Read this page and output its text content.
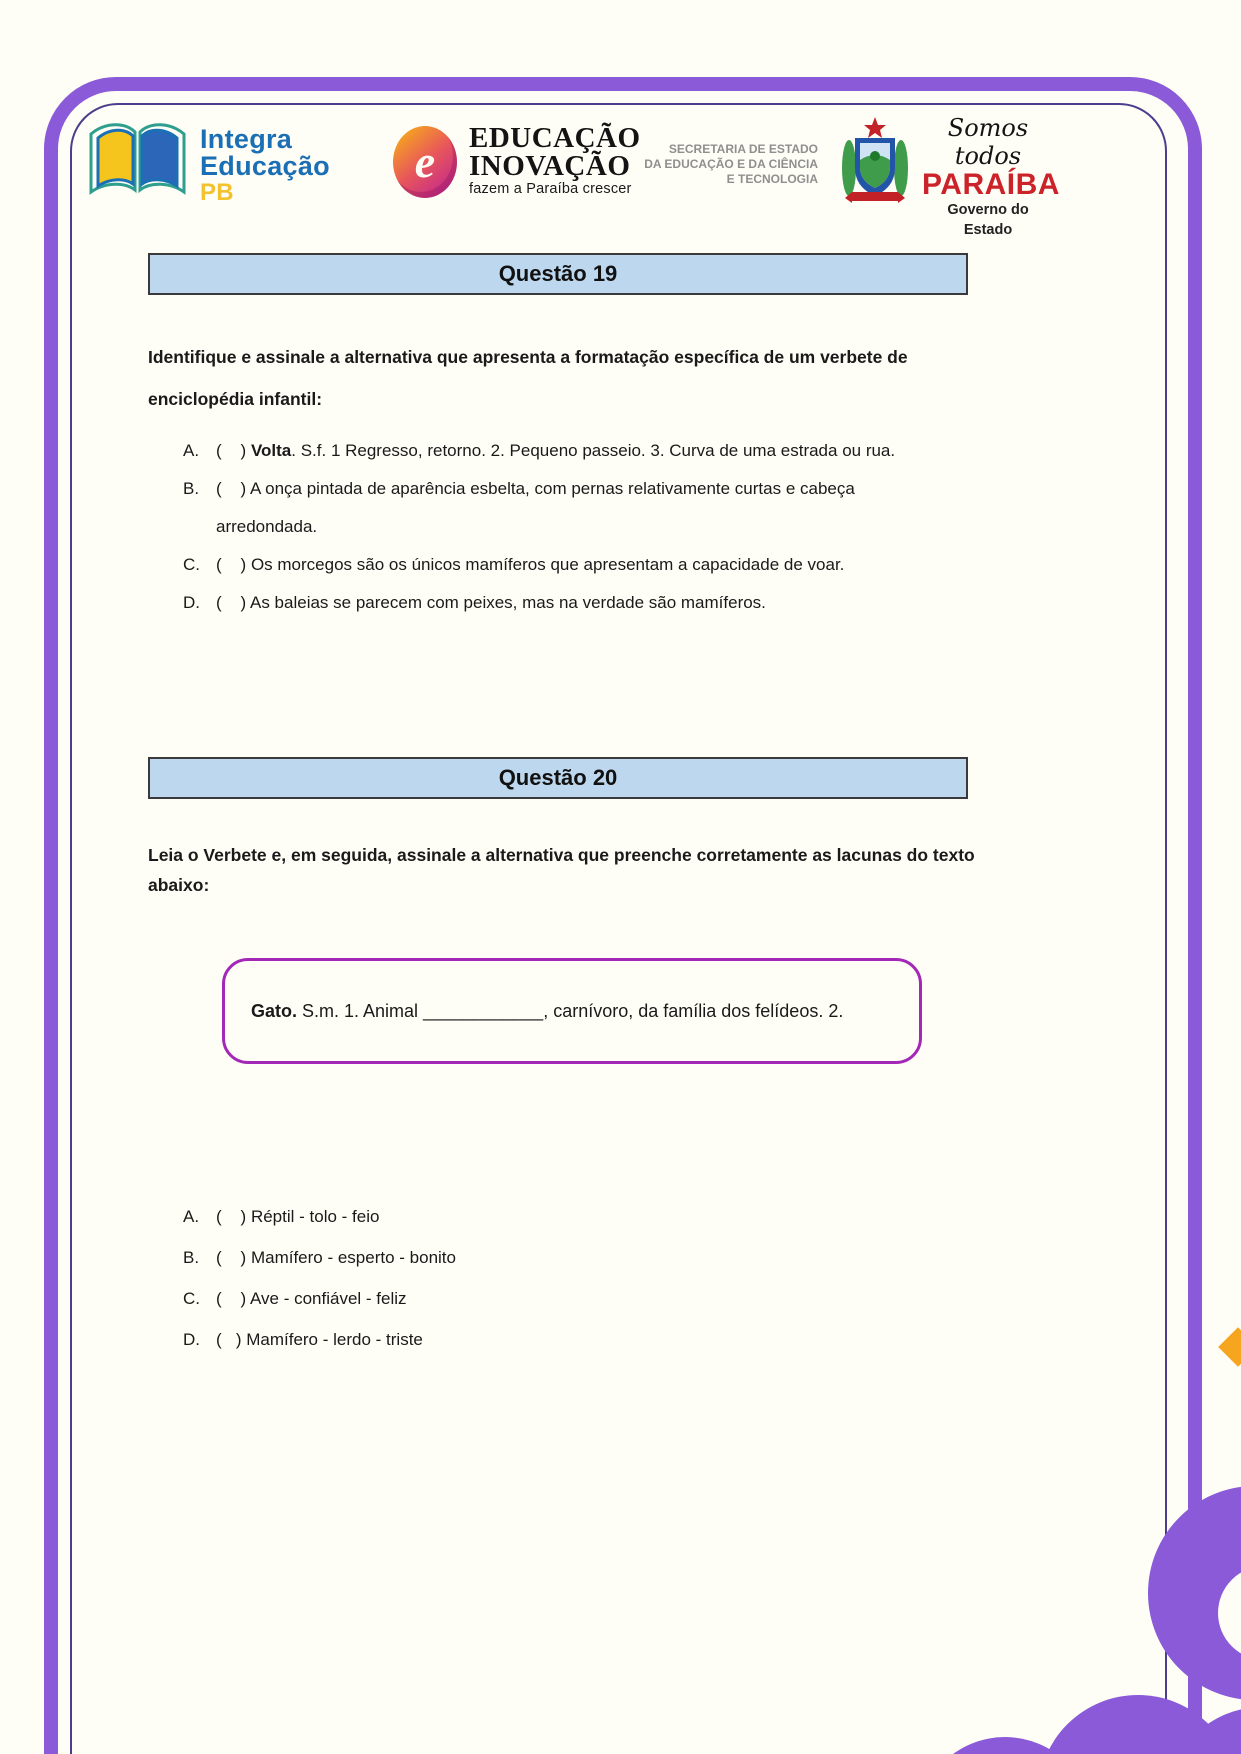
Integra
Educação
PB
e	EDUCAÇÃO
INOVAÇÃO
fazem a Paraíba crescer
SECRETARIA DE ESTADO
DA EDUCAÇÃO E DA CIÊNCIA
E TECNOLOGIA
Somos todos
PARAÍBA
Governo do Estado
Questão 19
Identifique e assinale a alternativa que apresenta a formatação específica de um verbete de
enciclopédia infantil:
A. (    ) Volta. S.f. 1 Regresso, retorno. 2. Pequeno passeio. 3. Curva de uma estrada ou rua.
B. (    ) A onça pintada de aparência esbelta, com pernas relativamente curtas e cabeça
arredondada.
C. (    ) Os morcegos são os únicos mamíferos que apresentam a capacidade de voar.
D. (    ) As baleias se parecem com peixes, mas na verdade são mamíferos.
Questão 20
Leia o Verbete e, em seguida, assinale a alternativa que preenche corretamente as lacunas do texto
abaixo:
Gato. S.m. 1. Animal ____________, carnívoro, da família dos felídeos. 2.
A. (    ) Réptil - tolo - feio
B. (    ) Mamífero - esperto - bonito
C. (    ) Ave - confiável - feliz
D. (   ) Mamífero - lerdo - triste
